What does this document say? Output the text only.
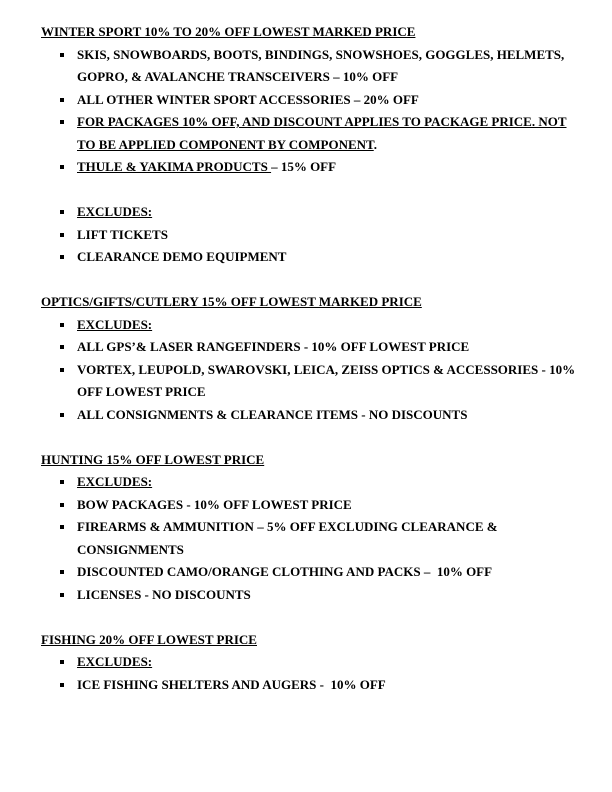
WINTER SPORT 10% TO 20% OFF LOWEST MARKED PRICE
SKIS, SNOWBOARDS, BOOTS, BINDINGS, SNOWSHOES, GOGGLES, HELMETS, GOPRO, & AVALANCHE TRANSCEIVERS – 10% OFF
ALL OTHER WINTER SPORT ACCESSORIES – 20% OFF
FOR PACKAGES 10% OFF, AND DISCOUNT APPLIES TO PACKAGE PRICE. NOT TO BE APPLIED COMPONENT BY COMPONENT.
THULE & YAKIMA PRODUCTS – 15% OFF
EXCLUDES:
LIFT TICKETS
CLEARANCE DEMO EQUIPMENT
OPTICS/GIFTS/CUTLERY 15% OFF LOWEST MARKED PRICE
EXCLUDES:
ALL GPS’& LASER RANGEFINDERS - 10% OFF LOWEST PRICE
VORTEX, LEUPOLD, SWAROVSKI, LEICA, ZEISS OPTICS & ACCESSORIES - 10% OFF LOWEST PRICE
ALL CONSIGNMENTS & CLEARANCE ITEMS - NO DISCOUNTS
HUNTING 15% OFF LOWEST PRICE
EXCLUDES:
BOW PACKAGES - 10% OFF LOWEST PRICE
FIREARMS & AMMUNITION – 5% OFF EXCLUDING CLEARANCE & CONSIGNMENTS
DISCOUNTED CAMO/ORANGE CLOTHING AND PACKS –  10% OFF
LICENSES - NO DISCOUNTS
FISHING 20% OFF LOWEST PRICE
EXCLUDES:
ICE FISHING SHELTERS AND AUGERS -  10% OFF
